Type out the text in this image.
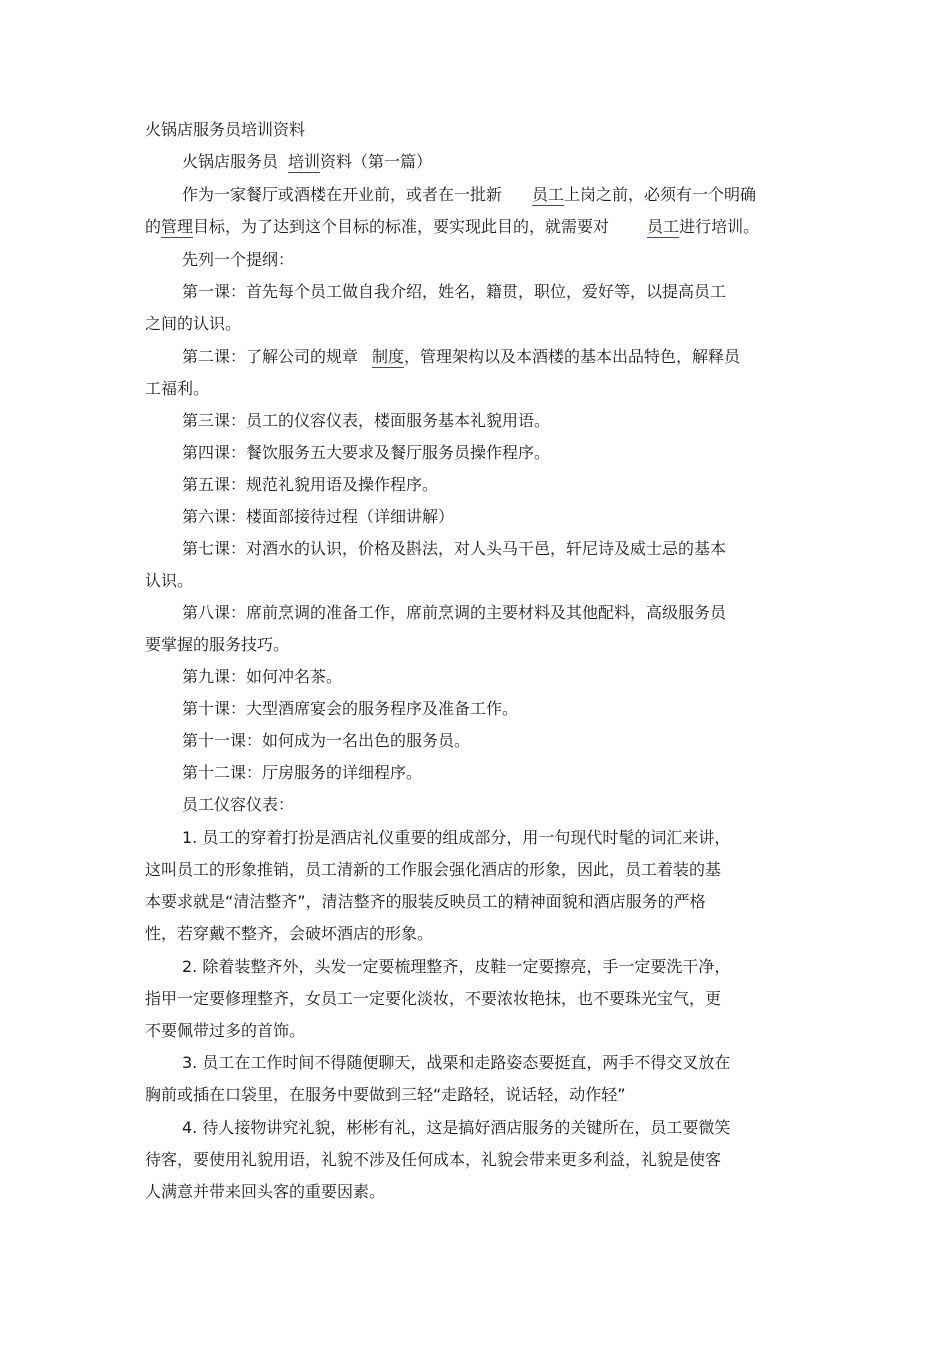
火锅店服务员培训资料
火锅店服务员 培训资料（第一篇）
作为一家餐厅或酒楼在开业前，或者在一批新 员工上岗之前，必须有一个明确
的管理目标，为了达到这个目标的标准，要实现此目的，就需要对 员工进行培训。
先列一个提纲：
第一课：首先每个员工做自我介绍，姓名，籍贯，职位，爱好等，以提高员工
之间的认识。
第二课：了解公司的规章 制度，管理架构以及本酒楼的基本出品特色，解释员
工福利。
第三课：员工的仪容仪表，楼面服务基本礼貌用语。
第四课：餐饮服务五大要求及餐厅服务员操作程序。
第五课：规范礼貌用语及操作程序。
第六课：楼面部接待过程（详细讲解）
第七课：对酒水的认识，价格及斟法，对人头马干邑，轩尼诗及威士忌的基本
认识。
第八课：席前烹调的准备工作，席前烹调的主要材料及其他配料，高级服务员
要掌握的服务技巧。
第九课：如何冲名茶。
第十课：大型酒席宴会的服务程序及准备工作。
第十一课：如何成为一名出色的服务员。
第十二课：厅房服务的详细程序。
员工仪容仪表：
1. 员工的穿着打扮是酒店礼仪重要的组成部分，用一句现代时髦的词汇来讲，
这叫员工的形象推销，员工清新的工作服会强化酒店的形象，因此，员工着装的基
本要求就是“清洁整齐”，清洁整齐的服装反映员工的精神面貌和酒店服务的严格
性，若穿戴不整齐，会破坏酒店的形象。
2. 除着装整齐外，头发一定要梳理整齐，皮鞋一定要擦亮，手一定要洗干净，
指甲一定要修理整齐，女员工一定要化淡妆，不要浓妆艳抹，也不要珠光宝气，更
不要佩带过多的首饰。
3. 员工在工作时间不得随便聊天，战栗和走路姿态要挺直，两手不得交叉放在
胸前或插在口袋里，在服务中要做到三轻“走路轻，说话轻，动作轻”
4. 待人接物讲究礼貌，彬彬有礼，这是搞好酒店服务的关键所在，员工要微笑
待客，要使用礼貌用语，礼貌不涉及任何成本，礼貌会带来更多利益，礼貌是使客
人满意并带来回头客的重要因素。
